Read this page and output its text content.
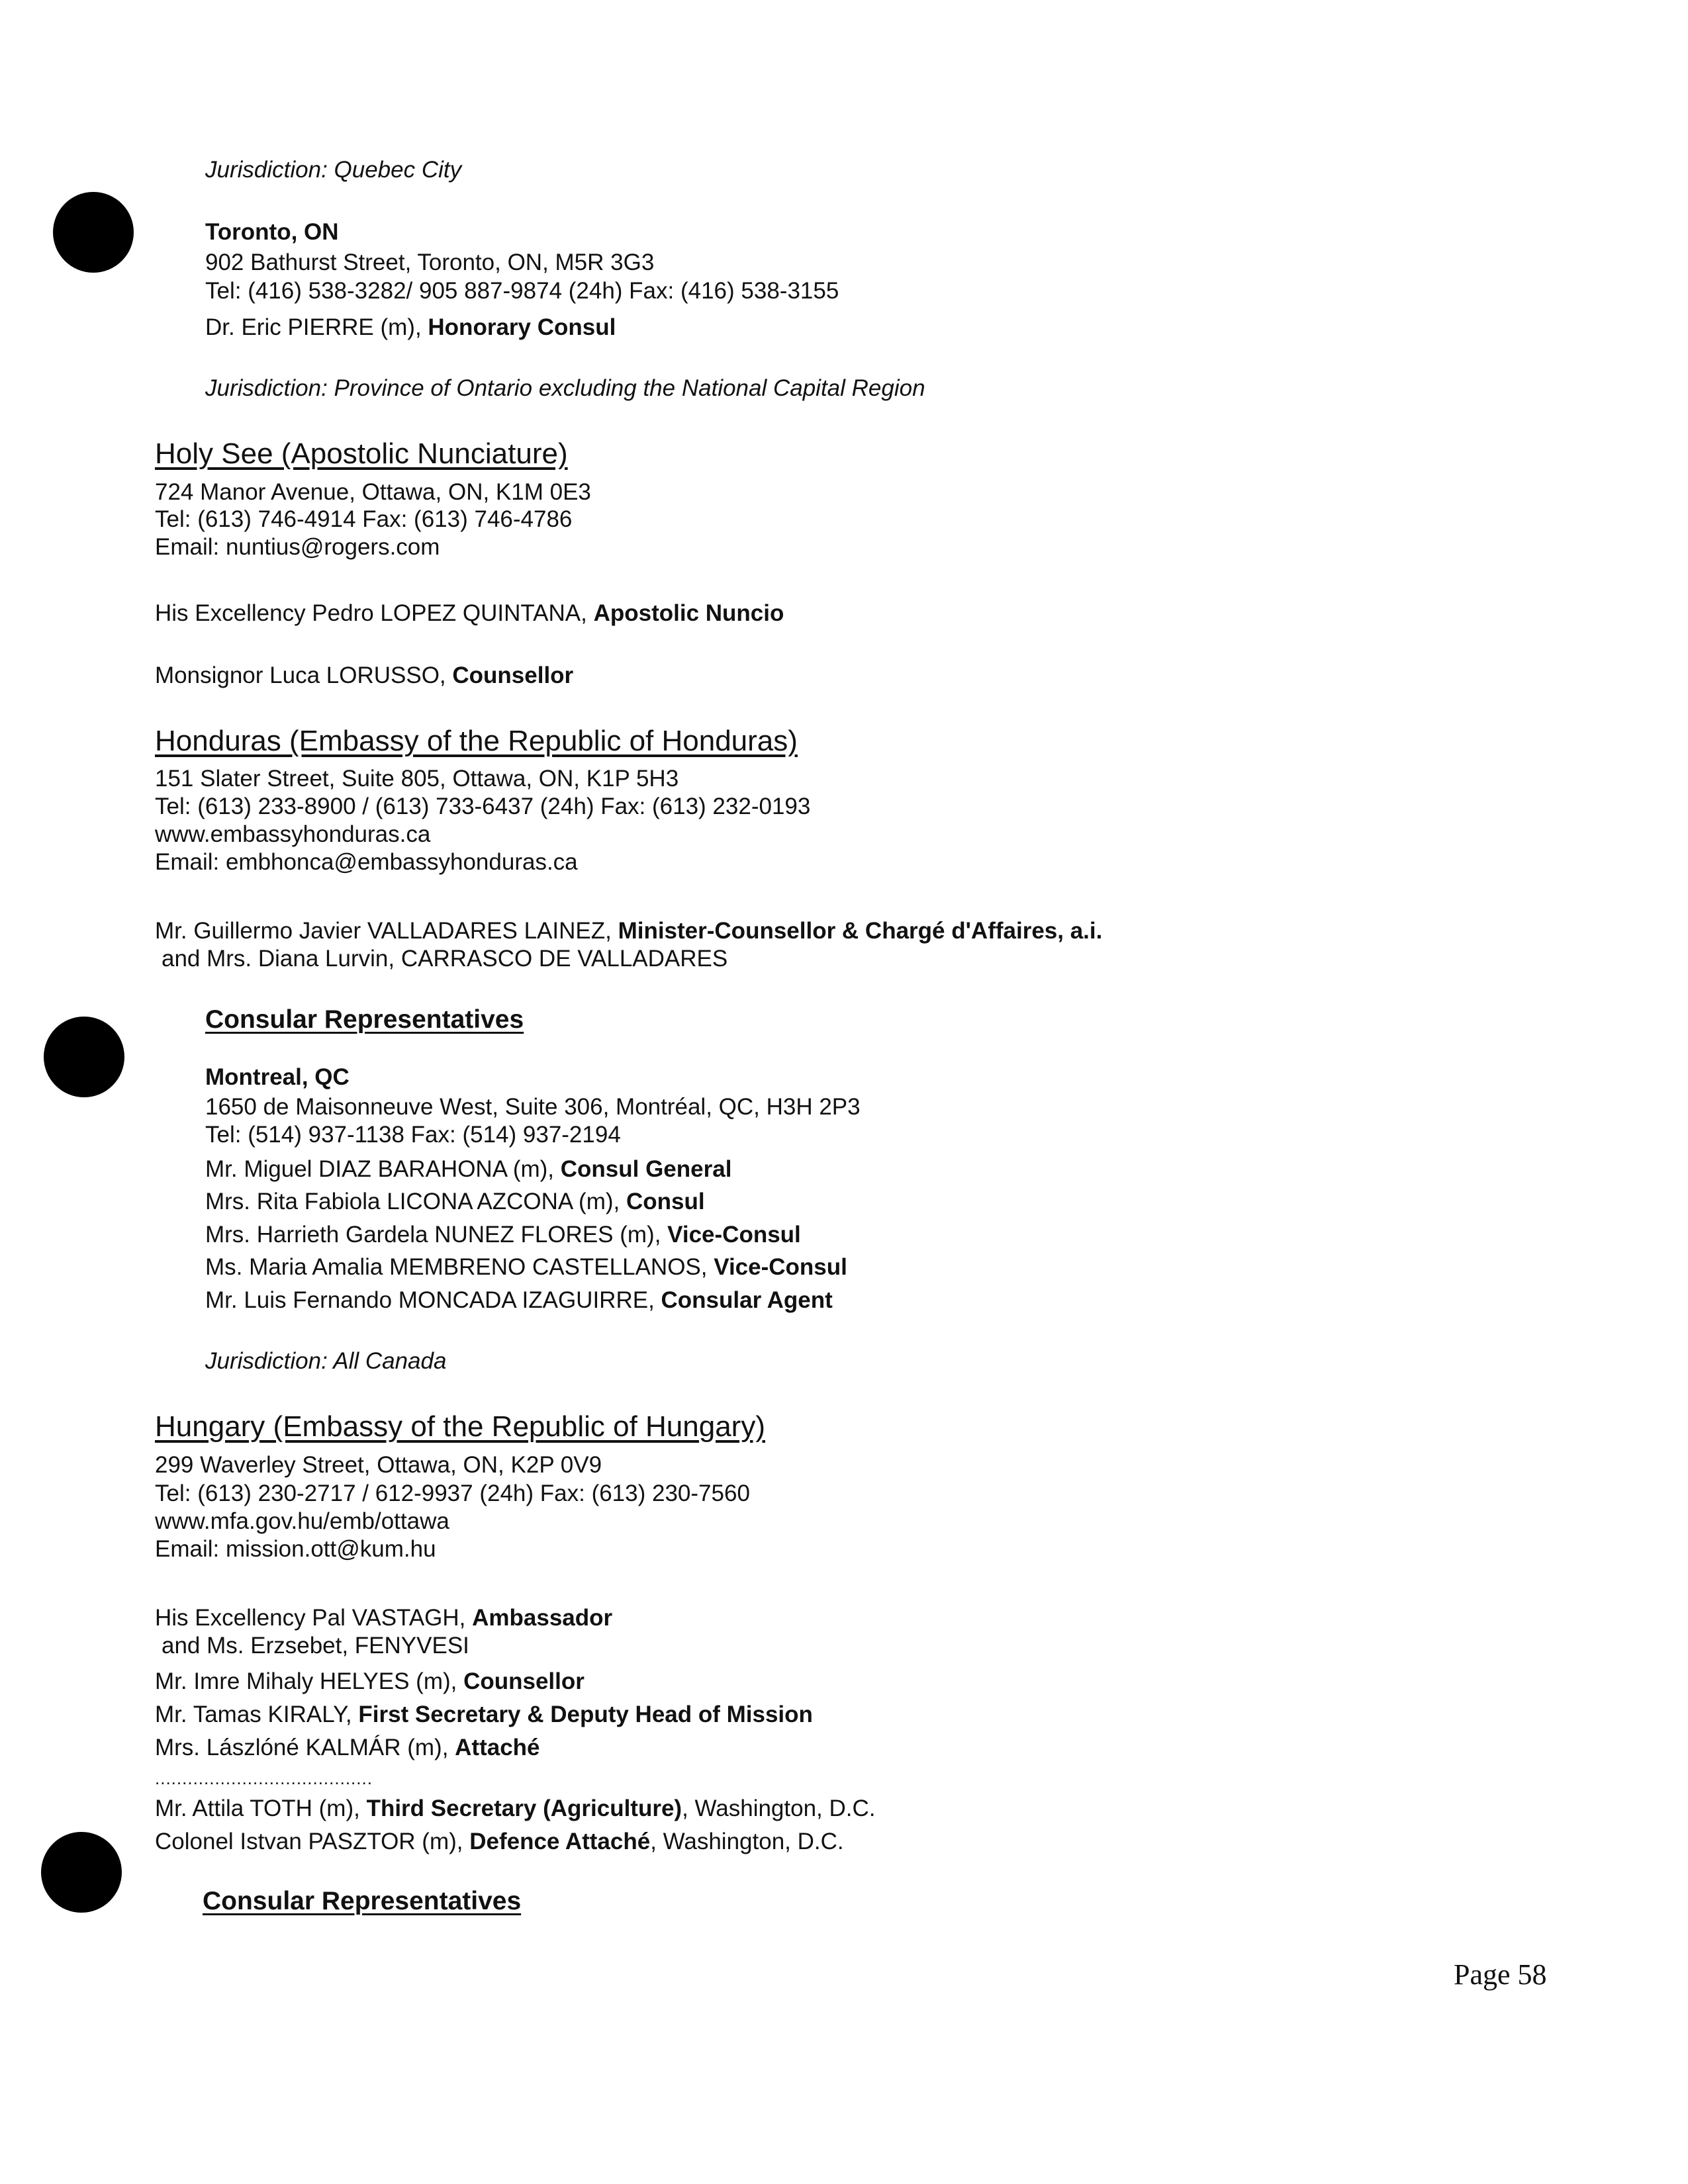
Jurisdiction: Quebec City
Toronto, ON
902 Bathurst Street, Toronto, ON, M5R 3G3
Tel: (416) 538-3282/ 905 887-9874 (24h) Fax: (416) 538-3155
Dr. Eric PIERRE (m), Honorary Consul
Jurisdiction: Province of Ontario excluding the National Capital Region
Holy See (Apostolic Nunciature)
724 Manor Avenue, Ottawa, ON, K1M 0E3
Tel: (613) 746-4914 Fax: (613) 746-4786
Email: nuntius@rogers.com
His Excellency Pedro LOPEZ QUINTANA, Apostolic Nuncio
Monsignor Luca LORUSSO, Counsellor
Honduras (Embassy of the Republic of Honduras)
151 Slater Street, Suite 805, Ottawa, ON, K1P 5H3
Tel: (613) 233-8900 / (613) 733-6437 (24h) Fax: (613) 232-0193
www.embassyhonduras.ca
Email: embhonca@embassyhonduras.ca
Mr. Guillermo Javier VALLADARES LAINEZ, Minister-Counsellor & Chargé d'Affaires, a.i.
and Mrs. Diana Lurvin, CARRASCO DE VALLADARES
Consular Representatives
Montreal, QC
1650 de Maisonneuve West, Suite 306, Montréal, QC, H3H 2P3
Tel: (514) 937-1138 Fax: (514) 937-2194
Mr. Miguel DIAZ BARAHONA (m), Consul General
Mrs. Rita Fabiola LICONA AZCONA (m), Consul
Mrs. Harrieth Gardela NUNEZ FLORES (m), Vice-Consul
Ms. Maria Amalia MEMBRENO CASTELLANOS, Vice-Consul
Mr. Luis Fernando MONCADA IZAGUIRRE, Consular Agent
Jurisdiction: All Canada
Hungary (Embassy of the Republic of Hungary)
299 Waverley Street, Ottawa, ON, K2P 0V9
Tel: (613) 230-2717 / 612-9937 (24h) Fax: (613) 230-7560
www.mfa.gov.hu/emb/ottawa
Email: mission.ott@kum.hu
His Excellency Pal VASTAGH, Ambassador
and Ms. Erzsebet, FENYVESI
Mr. Imre Mihaly HELYES (m), Counsellor
Mr. Tamas KIRALY, First Secretary & Deputy Head of Mission
Mrs. Lászlóné KALMÁR (m), Attaché
........................................
Mr. Attila TOTH (m), Third Secretary (Agriculture), Washington, D.C.
Colonel Istvan PASZTOR (m), Defence Attaché, Washington, D.C.
Consular Representatives
Page 58
